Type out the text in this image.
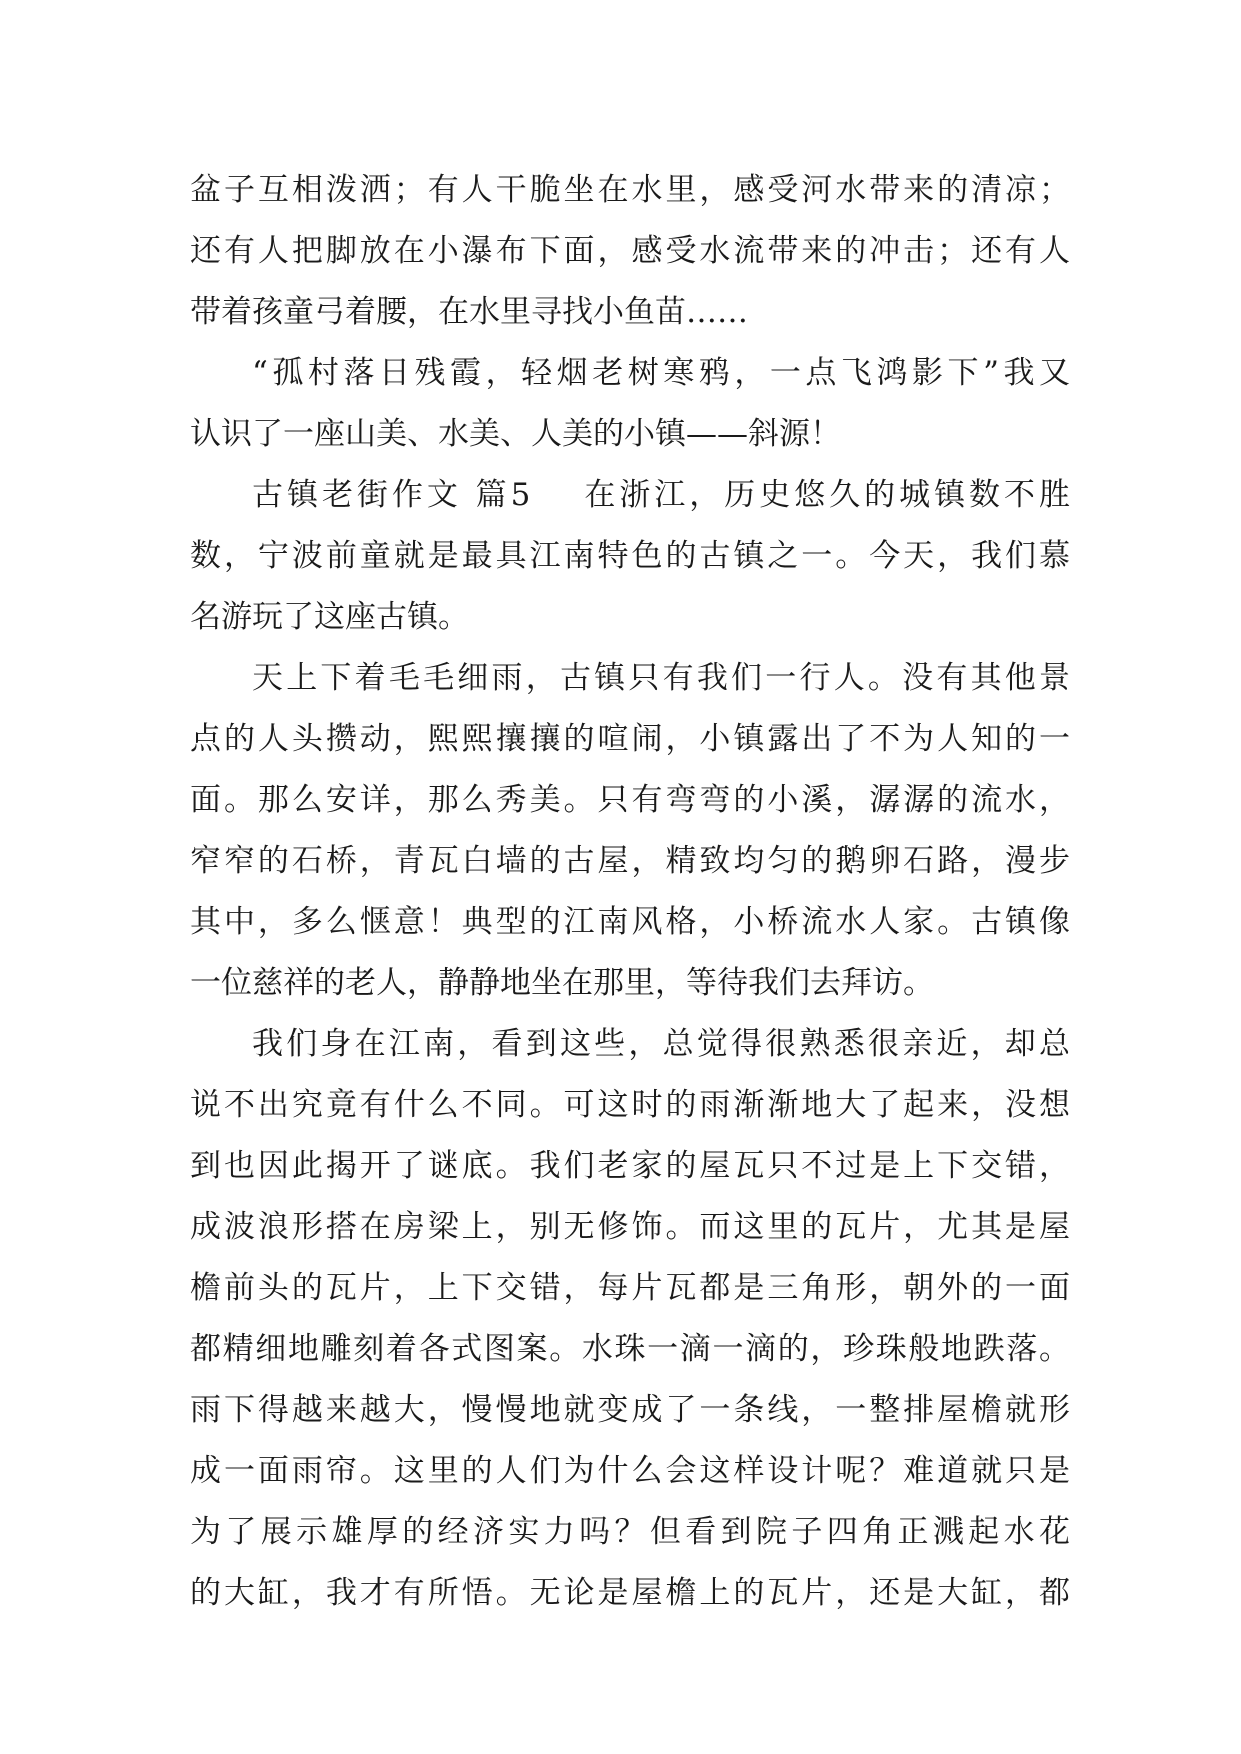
盆子互相泼洒；有人干脆坐在水里，感受河水带来的清凉；
还有人把脚放在小瀑布下面，感受水流带来的冲击；还有人
带着孩童弓着腰，在水里寻找小鱼苗……
“孤村落日残霞，轻烟老树寒鸦，一点飞鸿影下”我又
认识了一座山美、水美、人美的小镇——斜源！
古镇老街作文 篇5 在浙江，历史悠久的城镇数不胜
数，宁波前童就是最具江南特色的古镇之一。今天，我们慕
名游玩了这座古镇。
天上下着毛毛细雨，古镇只有我们一行人。没有其他景
点的人头攒动，熙熙攘攘的喧闹，小镇露出了不为人知的一
面。那么安详，那么秀美。只有弯弯的小溪，潺潺的流水，
窄窄的石桥，青瓦白墙的古屋，精致均匀的鹅卵石路，漫步
其中，多么惬意！典型的江南风格，小桥流水人家。古镇像
一位慈祥的老人，静静地坐在那里，等待我们去拜访。
我们身在江南，看到这些，总觉得很熟悉很亲近，却总
说不出究竟有什么不同。可这时的雨渐渐地大了起来，没想
到也因此揭开了谜底。我们老家的屋瓦只不过是上下交错，
成波浪形搭在房梁上，别无修饰。而这里的瓦片，尤其是屋
檐前头的瓦片，上下交错，每片瓦都是三角形，朝外的一面
都精细地雕刻着各式图案。水珠一滴一滴的，珍珠般地跌落。
雨下得越来越大，慢慢地就变成了一条线，一整排屋檐就形
成一面雨帘。这里的人们为什么会这样设计呢？难道就只是
为了展示雄厚的经济实力吗？但看到院子四角正溅起水花
的大缸，我才有所悟。无论是屋檐上的瓦片，还是大缸，都
